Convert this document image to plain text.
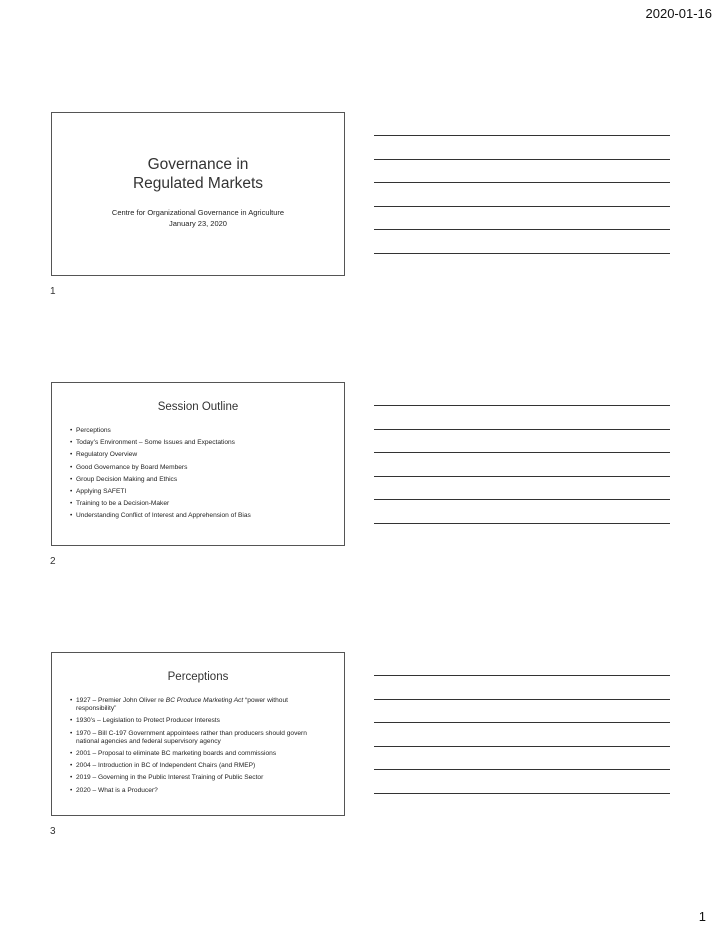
2020-01-16
Governance in Regulated Markets
Centre for Organizational Governance in Agriculture
January 23, 2020
1
Session Outline
• Perceptions
• Today’s Environment – Some Issues and Expectations
• Regulatory Overview
• Good Governance by Board Members
• Group Decision Making and Ethics
• Applying SAFETI
• Training to be a Decision-Maker
• Understanding Conflict of Interest and Apprehension of Bias
2
Perceptions
• 1927 – Premier John Oliver re BC Produce Marketing Act “power without responsibility”
• 1930’s – Legislation to Protect Producer Interests
• 1970 – Bill C-197 Government appointees rather than producers should govern national agencies and federal supervisory agency
• 2001 – Proposal to eliminate BC marketing boards and commissions
• 2004 – Introduction in BC of Independent Chairs (and RMEP)
• 2019 – Governing in the Public Interest Training of Public Sector
• 2020 – What is a Producer?
3
1
